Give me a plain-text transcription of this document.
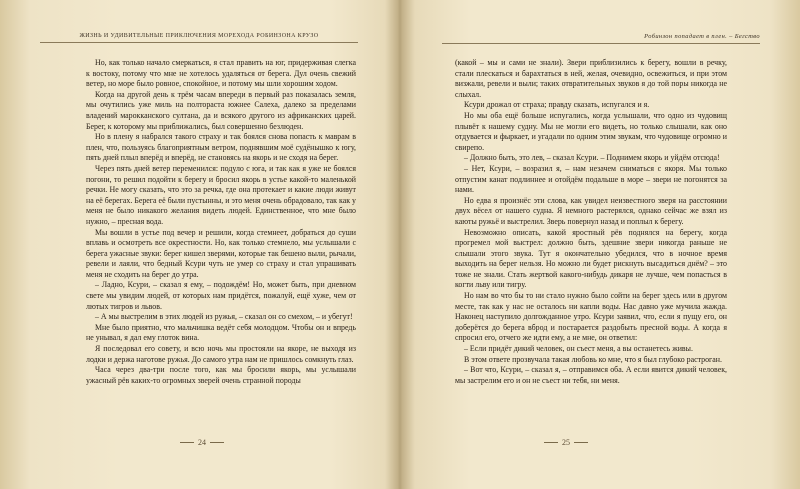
ЖИЗНЬ И УДИВИТЕЛЬНЫЕ ПРИКЛЮЧЕНИЯ МОРЕХОДА РОБИНЗОНА КРУЗО

Но, как только начало смеркаться, я стал править на юг, придерживая слегка к востоку, потому что мне не хотелось удаляться от берега. Дул очень свежий ветер, но море было ровное, спокойное, и потому мы шли хорошим ходом.

Когда на другой день к трём часам впереди в первый раз показалась земля, мы очутились уже миль на полтораста южнее Салеха, далеко за пределами владений марокканского султана, да и всякого другого из африканских царей. Берег, к которому мы приближались, был совершенно безлюден.

Но в плену я набрался такого страху и так боялся снова попасть к маврам в плен, что, пользуясь благоприятным ветром, поднявшим моё судёнышко к югу, пять дней плыл вперёд и вперёд, не становясь на якорь и не сходя на берег.

Через пять дней ветер переменился: подуло с юга, и так как я уже не боялся погони, то решил подойти к берегу и бросил якорь в устье какой-то маленькой речки. Не могу сказать, что это за речка, где она протекает и какие люди живут на её берегах. Берега её были пустынны, и это меня очень обрадовало, так как у меня не было никакого желания видеть людей. Единственное, что мне было нужно, – пресная вода.

Мы вошли в устье под вечер и решили, когда стемнеет, добраться до суши вплавь и осмотреть все окрестности. Но, как только стемнело, мы услышали с берега ужасные звуки: берег кишел зверями, которые так бешено выли, рычали, ревели и лаяли, что бедный Ксури чуть не умер со страху и стал упрашивать меня не сходить на берег до утра.

– Ладно, Ксури, – сказал я ему, – подождём! Но, может быть, при дневном свете мы увидим людей, от которых нам придётся, пожалуй, ещё хуже, чем от лютых тигров и львов.

– А мы выстрелим в этих людей из ружья, – сказал он со смехом, – и убегут!

Мне было приятно, что мальчишка ведёт себя молодцом. Чтобы он и впредь не унывал, я дал ему глоток вина.

Я последовал его совету, и всю ночь мы простояли на якоре, не выходя из лодки и держа наготове ружья. До самого утра нам не пришлось сомкнуть глаз.

Часа через два-три после того, как мы бросили якорь, мы услышали ужасный рёв каких-то огромных зверей очень странной породы

24
Робинзон попадает в плен. – Бегство

(какой – мы и сами не знали). Звери приблизились к берегу, вошли в речку, стали плескаться и барахтаться в ней, желая, очевидно, освежиться, и при этом визжали, ревели и выли; таких отвратительных звуков я до той поры никогда не слыхал.

Ксури дрожал от страха; правду сказать, испугался и я.

Но мы оба ещё больше испугались, когда услышали, что одно из чудовищ плывёт к нашему судну. Мы не могли его видеть, но только слышали, как оно отдувается и фыркает, и угадали по одним этим звукам, что чудовище огромно и свирепо.

– Должно быть, это лев, – сказал Ксури. – Поднимем якорь и уйдём отсюда!

– Нет, Ксури, – возразил я, – нам незачем сниматься с якоря. Мы только отпустим канат подлиннее и отойдём подальше в море – звери не погонятся за нами.

Но едва я произнёс эти слова, как увидел неизвестного зверя на расстоянии двух вёсел от нашего судна. Я немного растерялся, однако сейчас же взял из каюты ружьё и выстрелил. Зверь повернул назад и поплыл к берегу.

Невозможно описать, какой яростный рёв поднялся на берегу, когда прогремел мой выстрел: должно быть, здешние звери никогда раньше не слышали этого звука. Тут я окончательно убедился, что в ночное время выходить на берег нельзя. Но можно ли будет рискнуть высадиться днём? – это тоже не знали. Стать жертвой какого-нибудь дикаря не лучше, чем попасться в когти льву или тигру.

Но нам во что бы то ни стало нужно было сойти на берег здесь или в другом месте, так как у нас не осталось ни капли воды. Нас давно уже мучила жажда. Наконец наступило долгожданное утро. Ксури заявил, что, если я пущу его, он доберётся до берега вброд и постарается раздобыть пресной воды. А когда я спросил его, отчего же идти ему, а не мне, он ответил:

– Если придёт дикий человек, он съест меня, а вы останетесь живы.

В этом ответе прозвучала такая любовь ко мне, что я был глубоко растроган.

– Вот что, Ксури, – сказал я, – отправимся оба. А если явится дикий человек, мы застрелим его и он не съест ни тебя, ни меня.

25
